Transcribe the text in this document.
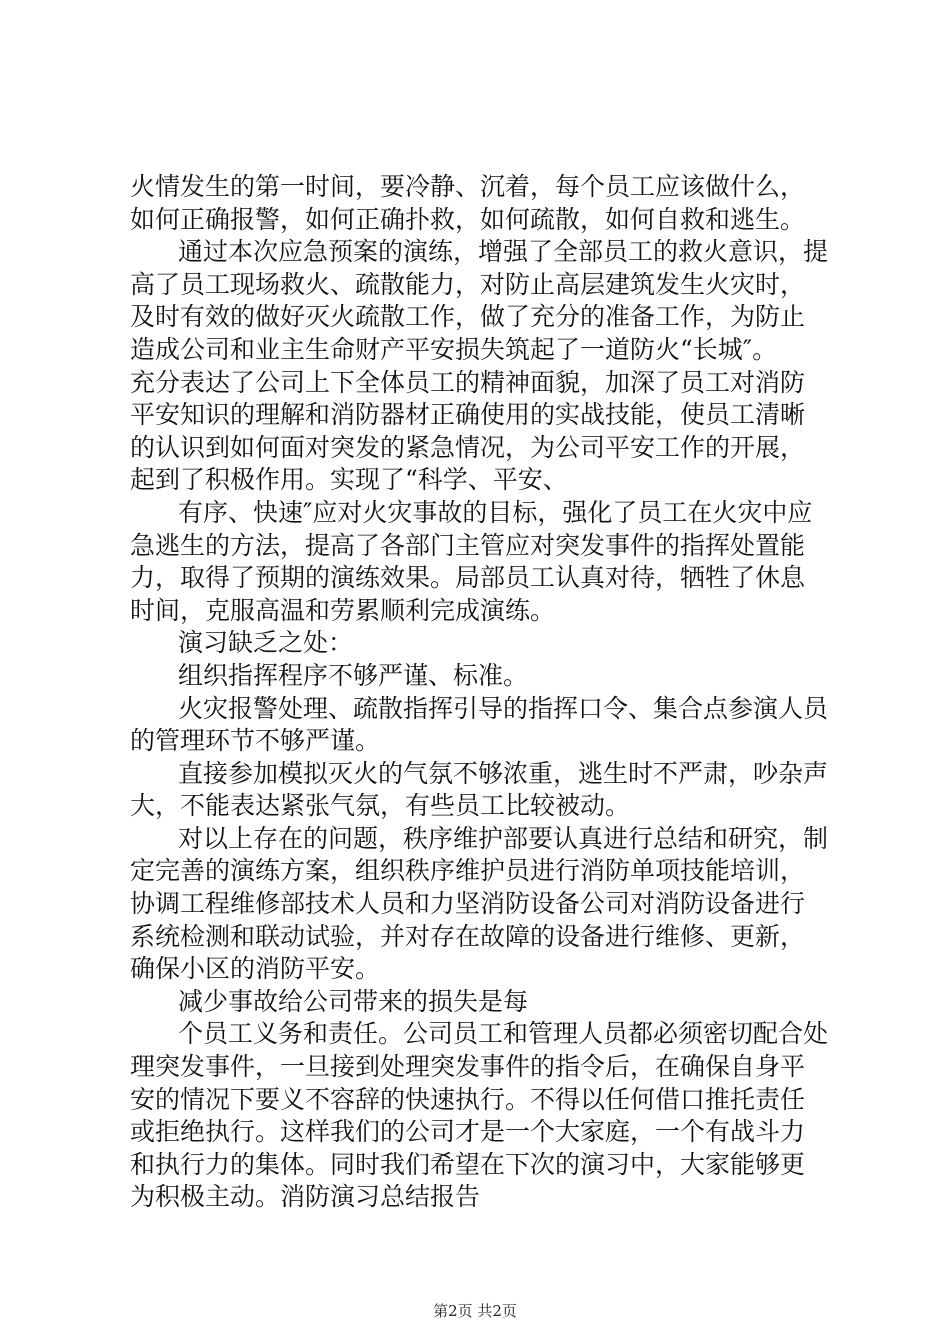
火情发生的第一时间，要冷静、沉着，每个员工应该做什么，
如何正确报警，如何正确扑救，如何疏散，如何自救和逃生。
通过本次应急预案的演练，增强了全部员工的救火意识，提
高了员工现场救火、疏散能力，对防止高层建筑发生火灾时，
及时有效的做好灭火疏散工作，做了充分的准备工作，为防止
造成公司和业主生命财产平安损失筑起了一道防火“长城″。
充分表达了公司上下全体员工的精神面貌，加深了员工对消防
平安知识的理解和消防器材正确使用的实战技能，使员工清晰
的认识到如何面对突发的紧急情况，为公司平安工作的开展，
起到了积极作用。实现了“科学、平安、
有序、快速″应对火灾事故的目标，强化了员工在火灾中应
急逃生的方法，提高了各部门主管应对突发事件的指挥处置能
力，取得了预期的演练效果。局部员工认真对待，牺牲了休息
时间，克服高温和劳累顺利完成演练。
演习缺乏之处：
组织指挥程序不够严谨、标准。
火灾报警处理、疏散指挥引导的指挥口令、集合点参演人员
的管理环节不够严谨。
直接参加模拟灭火的气氛不够浓重，逃生时不严肃，吵杂声
大，不能表达紧张气氛，有些员工比较被动。
对以上存在的问题，秩序维护部要认真进行总结和研究，制
定完善的演练方案，组织秩序维护员进行消防单项技能培训，
协调工程维修部技术人员和力坚消防设备公司对消防设备进行
系统检测和联动试验，并对存在故障的设备进行维修、更新，
确保小区的消防平安。
减少事故给公司带来的损失是每
个员工义务和责任。公司员工和管理人员都必须密切配合处
理突发事件，一旦接到处理突发事件的指令后，在确保自身平
安的情况下要义不容辞的快速执行。不得以任何借口推托责任
或拒绝执行。这样我们的公司才是一个大家庭，一个有战斗力
和执行力的集体。同时我们希望在下次的演习中，大家能够更
为积极主动。消防演习总结报告
第2页 共2页
